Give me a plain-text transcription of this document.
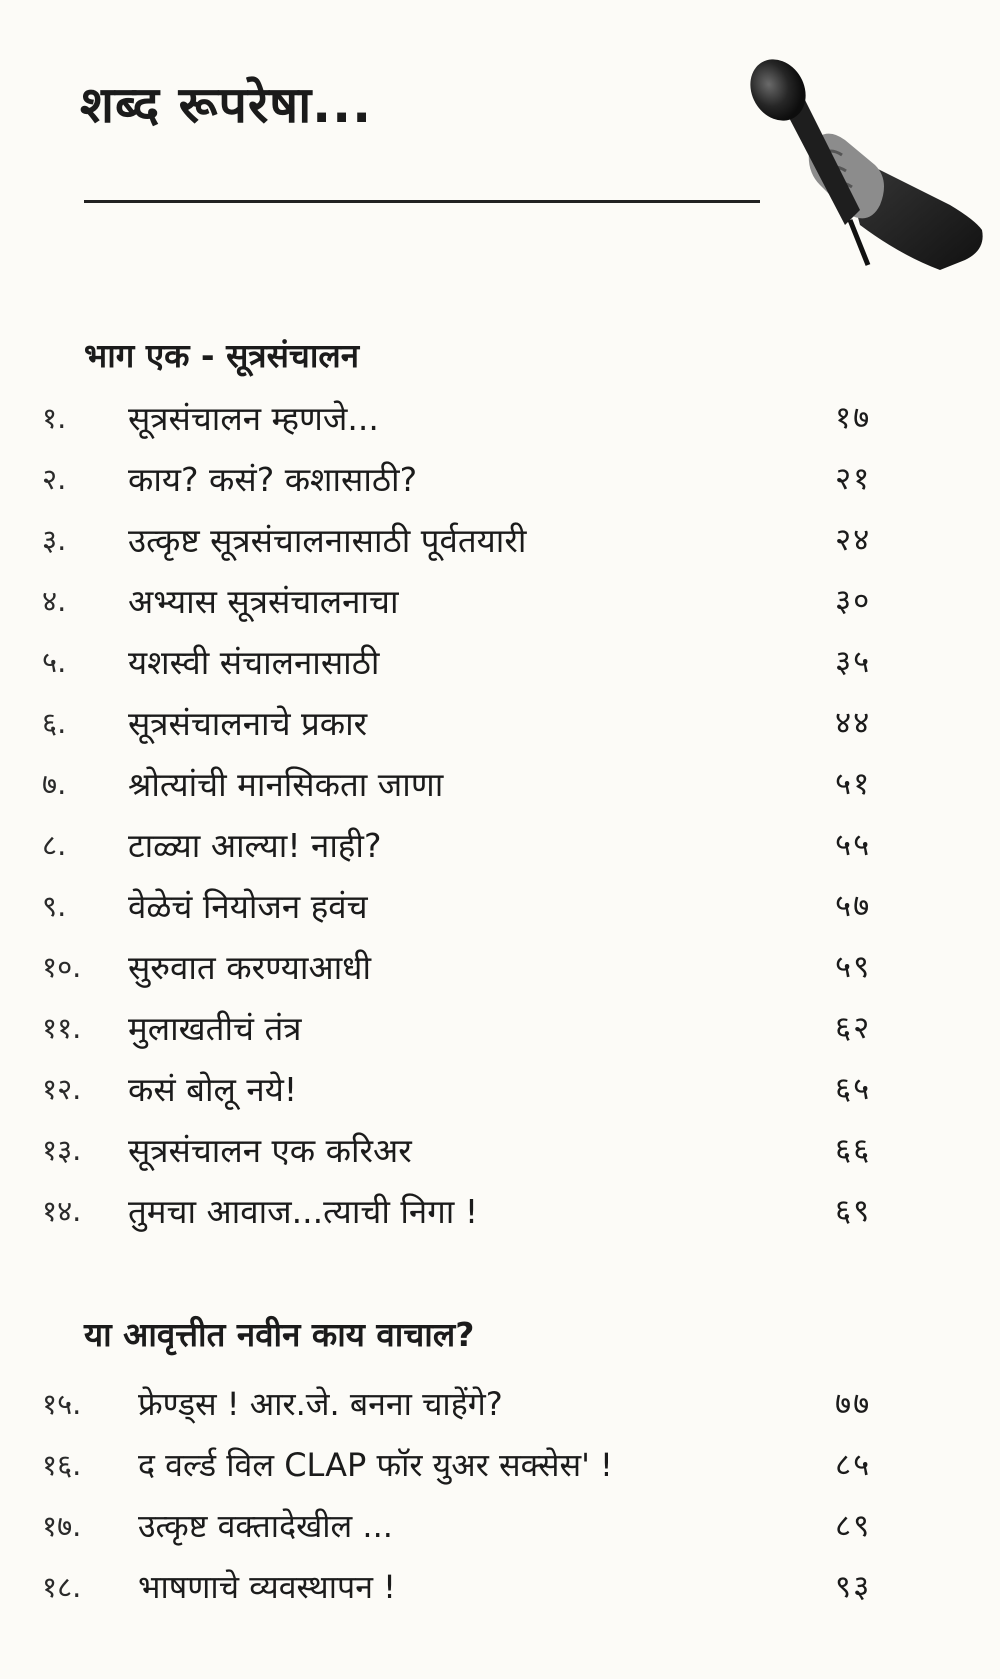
शब्द रूपरेषा...
भाग एक - सूत्रसंचालन
१. सूत्रसंचालन म्हणजे...	१७
२. काय? कसं? कशासाठी?	२१
३. उत्कृष्ट सूत्रसंचालनासाठी पूर्वतयारी	२४
४. अभ्यास सूत्रसंचालनाचा	३०
५. यशस्वी संचालनासाठी	३५
६. सूत्रसंचालनाचे प्रकार	४४
७. श्रोत्यांची मानसिकता जाणा	५१
८. टाळ्या आल्या! नाही?	५५
९. वेळेचं नियोजन हवंच	५७
१०. सुरुवात करण्याआधी	५९
११. मुलाखतीचं तंत्र	६२
१२. कसं बोलू नये!	६५
१३. सूत्रसंचालन एक करिअर	६६
१४. तुमचा आवाज...त्याची निगा !	६९
या आवृत्तीत नवीन काय वाचाल?
१५. फ्रेण्ड्स ! आर.जे. बनना चाहेंगे?	७७
१६. द वर्ल्ड विल CLAP फॉर युअर सक्सेस' !	८५
१७. उत्कृष्ट वक्तादेखील ...	८९
१८. भाषणाचे व्यवस्थापन !	९३
